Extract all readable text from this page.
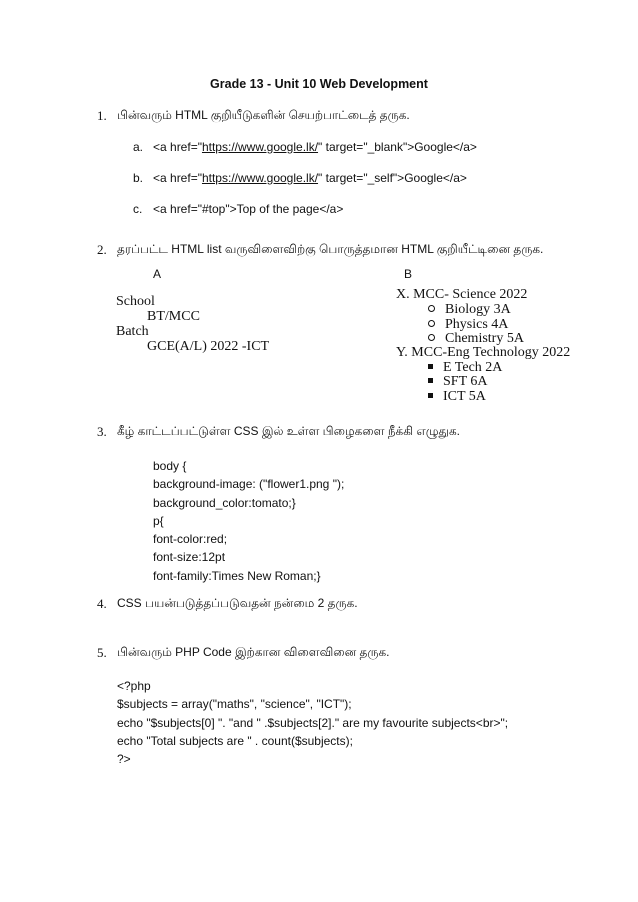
Grade 13 - Unit 10 Web Development
1. பின்வரும் HTML குறியீடுகளின் செயற்பாட்டைத் தருக.
a. <a href="https://www.google.lk/" target="_blank">Google</a>
b. <a href="https://www.google.lk/" target="_self">Google</a>
c. <a href="#top">Top of the page</a>
2. தரப்பட்ட HTML list வருவிளைவிற்கு பொருத்தமான HTML குறியீட்டினை தருக.
A	B
School
BT/MCC
Batch
GCE(A/L) 2022 -ICT
X. MCC- Science 2022
Biology 3A
Physics 4A
Chemistry 5A
Y. MCC-Eng Technology 2022
E Tech 2A
SFT 6A
ICT 5A
3. கீழ் காட்டப்பட்டுள்ள CSS இல் உள்ள பிழைகளை நீக்கி எழுதுக.
body {
background-image: ("flower1.png ");
background_color:tomato;}
p{
font-color:red;
font-size:12pt
font-family:Times New Roman;}
4. CSS பயன்படுத்தப்படுவதன் நன்மை 2 தருக.
5. பின்வரும் PHP Code இற்கான விளைவினை தருக.
<?php
$subjects = array("maths", "science", "ICT");
echo "$subjects[0] ". "and " .$subjects[2]." are my favourite subjects<br>";
echo "Total subjects are " . count($subjects);
?>
